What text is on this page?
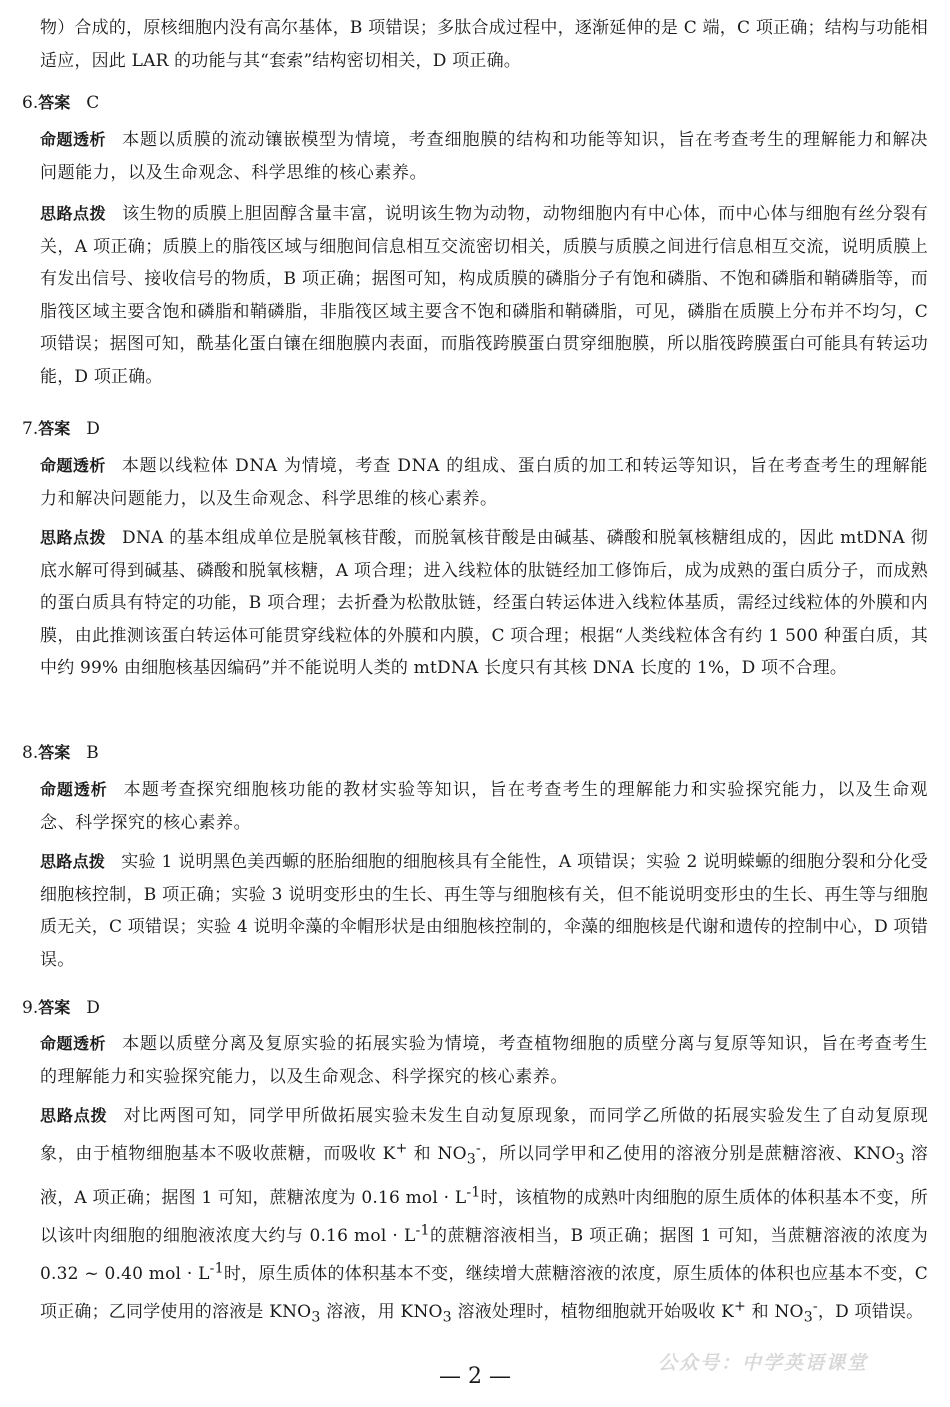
物）合成的，原核细胞内没有高尔基体，B 项错误；多肽合成过程中，逐渐延伸的是 C 端，C 项正确；结构与功能相适应，因此 LAR 的功能与其“套索”结构密切相关，D 项正确。

6.答案 C

命题透析 本题以质膜的流动镶嵌模型为情境，考查细胞膜的结构和功能等知识，旨在考查考生的理解能力和解决问题能力，以及生命观念、科学思维的核心素养。

思路点拨 该生物的质膜上胆固醇含量丰富，说明该生物为动物，动物细胞内有中心体，而中心体与细胞有丝分裂有关，A 项正确；质膜上的脂筏区域与细胞间信息相互交流密切相关，质膜与质膜之间进行信息相互交流，说明质膜上有发出信号、接收信号的物质，B 项正确；据图可知，构成质膜的磷脂分子有饱和磷脂、不饱和磷脂和鞘磷脂等，而脂筏区域主要含饱和磷脂和鞘磷脂，非脂筏区域主要含不饱和磷脂和鞘磷脂，可见，磷脂在质膜上分布并不均匀，C 项错误；据图可知，酰基化蛋白镶在细胞膜内表面，而脂筏跨膜蛋白贯穿细胞膜，所以脂筏跨膜蛋白可能具有转运功能，D 项正确。

7.答案 D

命题透析 本题以线粒体 DNA 为情境，考查 DNA 的组成、蛋白质的加工和转运等知识，旨在考查考生的理解能力和解决问题能力，以及生命观念、科学思维的核心素养。

思路点拨 DNA 的基本组成单位是脱氧核苷酸，而脱氧核苷酸是由碱基、磷酸和脱氧核糖组成的，因此 mtDNA 彻底水解可得到碱基、磷酸和脱氧核糖，A 项合理；进入线粒体的肽链经加工修饰后，成为成熟的蛋白质分子，而成熟的蛋白质具有特定的功能，B 项合理；去折叠为松散肽链，经蛋白转运体进入线粒体基质，需经过线粒体的外膜和内膜，由此推测该蛋白转运体可能贯穿线粒体的外膜和内膜，C 项合理；根据“人类线粒体含有约 1 500 种蛋白质，其中约 99% 由细胞核基因编码”并不能说明人类的 mtDNA 长度只有其核 DNA 长度的 1%，D 项不合理。

8.答案 B

命题透析 本题考查探究细胞核功能的教材实验等知识，旨在考查考生的理解能力和实验探究能力，以及生命观念、科学探究的核心素养。

思路点拨 实验 1 说明黑色美西螈的胚胎细胞的细胞核具有全能性，A 项错误；实验 2 说明蝾螈的细胞分裂和分化受细胞核控制，B 项正确；实验 3 说明变形虫的生长、再生等与细胞核有关，但不能说明变形虫的生长、再生等与细胞质无关，C 项错误；实验 4 说明伞藻的伞帽形状是由细胞核控制的，伞藻的细胞核是代谢和遗传的控制中心，D 项错误。

9.答案 D

命题透析 本题以质壁分离及复原实验的拓展实验为情境，考查植物细胞的质壁分离与复原等知识，旨在考查考生的理解能力和实验探究能力，以及生命观念、科学探究的核心素养。

思路点拨 对比两图可知，同学甲所做拓展实验未发生自动复原现象，而同学乙所做的拓展实验发生了自动复原现象，由于植物细胞基本不吸收蔗糖，而吸收 K+ 和 $NO_3^-$，所以同学甲和乙使用的溶液分别是蔗糖溶液、$KNO_3$ 溶液，A 项正确；据图 1 可知，蔗糖浓度为 0.16 mol · $L^{-1}$时，该植物的成熟叶肉细胞的原生质体的体积基本不变，所以该叶肉细胞的细胞液浓度大约与 0.16 mol · $L^{-1}$的蔗糖溶液相当，B 项正确；据图 1 可知，当蔗糖溶液的浓度为 0.32 ~ 0.40 mol · $L^{-1}$时，原生质体的体积基本不变，继续增大蔗糖溶液的浓度，原生质体的体积也应基本不变，C 项正确；乙同学使用的溶液是 $KNO_3$ 溶液，用 $KNO_3$ 溶液处理时，植物细胞就开始吸收 K+ 和 $NO_3^-$，D 项错误。

— 2 —
公众号：中学英语课堂
